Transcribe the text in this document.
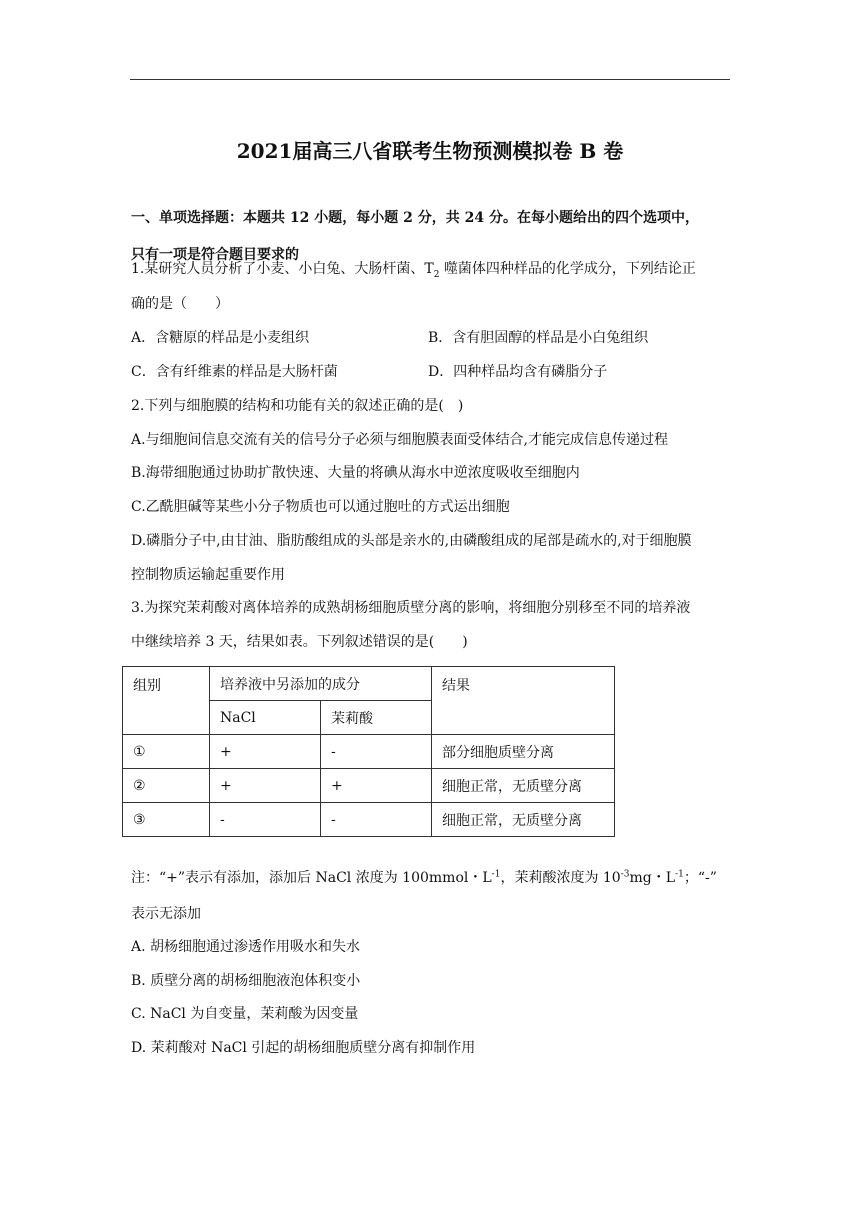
2021届高三八省联考生物预测模拟卷 B 卷
一、单项选择题：本题共 12 小题，每小题 2 分，共 24 分。在每小题给出的四个选项中，
只有一项是符合题目要求的
1.某研究人员分析了小麦、小白兔、大肠杆菌、$T_2$ 噬菌体四种样品的化学成分，下列结论正
确的是（　　）
A．含糖原的样品是小麦组织	B．含有胆固醇的样品是小白兔组织
C．含有纤维素的样品是大肠杆菌	D．四种样品均含有磷脂分子
2.下列与细胞膜的结构和功能有关的叙述正确的是(　)
A.与细胞间信息交流有关的信号分子必须与细胞膜表面受体结合,才能完成信息传递过程
B.海带细胞通过协助扩散快速、大量的将碘从海水中逆浓度吸收至细胞内
C.乙酰胆碱等某些小分子物质也可以通过胞吐的方式运出细胞
D.磷脂分子中,由甘油、脂肪酸组成的头部是亲水的,由磷酸组成的尾部是疏水的,对于细胞膜
控制物质运输起重要作用
3.为探究茉莉酸对离体培养的成熟胡杨细胞质壁分离的影响，将细胞分别移至不同的培养液
中继续培养 3 天，结果如表。下列叙述错误的是(　　)
组别	培养液中另添加的成分		结果
	NaCl	茉莉酸	
①	+	-	部分细胞质壁分离
②	+	+	细胞正常，无质壁分离
③	-	-	细胞正常，无质壁分离
注：“+”表示有添加，添加后 NaCl 浓度为 100mmol・$L^{-1}$，茉莉酸浓度为 $10^{-3}mg$・$L^{-1}$；“-”
表示无添加
A. 胡杨细胞通过渗透作用吸水和失水
B. 质壁分离的胡杨细胞液泡体积变小
C. NaCl 为自变量，茉莉酸为因变量
D. 茉莉酸对 NaCl 引起的胡杨细胞质壁分离有抑制作用
